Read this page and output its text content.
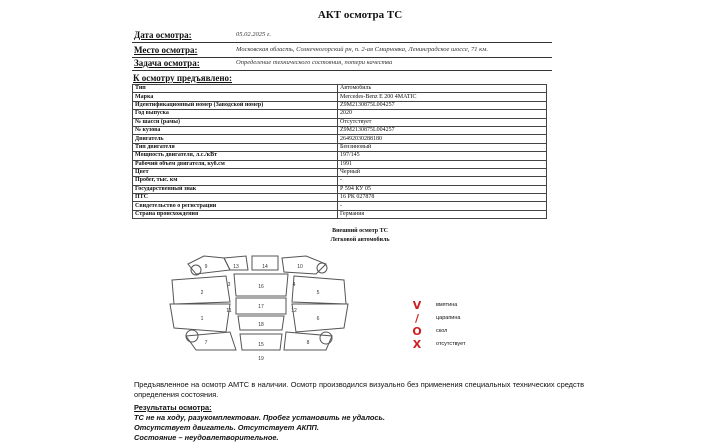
АКТ осмотра ТС
Дата осмотра:	05.02.2025 г.
Место осмотра:	Московская область, Солнечногорский рн, п. 2-ая Смирновка, Ленинградское шоссе, 71 км.
Задача осмотра:	Определение технического состояния, потери качества
К осмотру предъявлено:
Тип	Автомобиль
Марка	Mercedes-Benz E 200 4MATIC
Идентификационный номер (Заводской номер)	Z9M2130875L004257
Год выпуска	2020
№ шасси (рамы)	Отсутствует
№ кузова	Z9M2130875L004257
Двигатель	26492030288180
Тип двигателя	Бензиновый
Мощность двигателя, л.с./кВт	197/145
Рабочий объем двигателя, куб.см	1991
Цвет	Черный
Пробег, тыс. км	-
Государственный знак	Р 594 КУ 05
ПТС	16 РК 027878
Свидетельство о регистрации	-
Страна происхождения	Германия
Внешний осмотр ТС
Легковой автомобиль
9	13	14	10
2
1
5
6
16
17
18
7	15	8
19
3	4
11	12	V	вмятина
/	царапина
O	скол
X	отсутствует
Предъявленное на осмотр АМТС в наличии. Осмотр производился визуально без применения специальных технических средств определения состояния.
Результаты осмотра:
ТС не на ходу, разукомплектован. Пробег установить не удалось.
Отсутствует двигатель. Отсутствует АКПП.
Состояние – неудовлетворительное.
